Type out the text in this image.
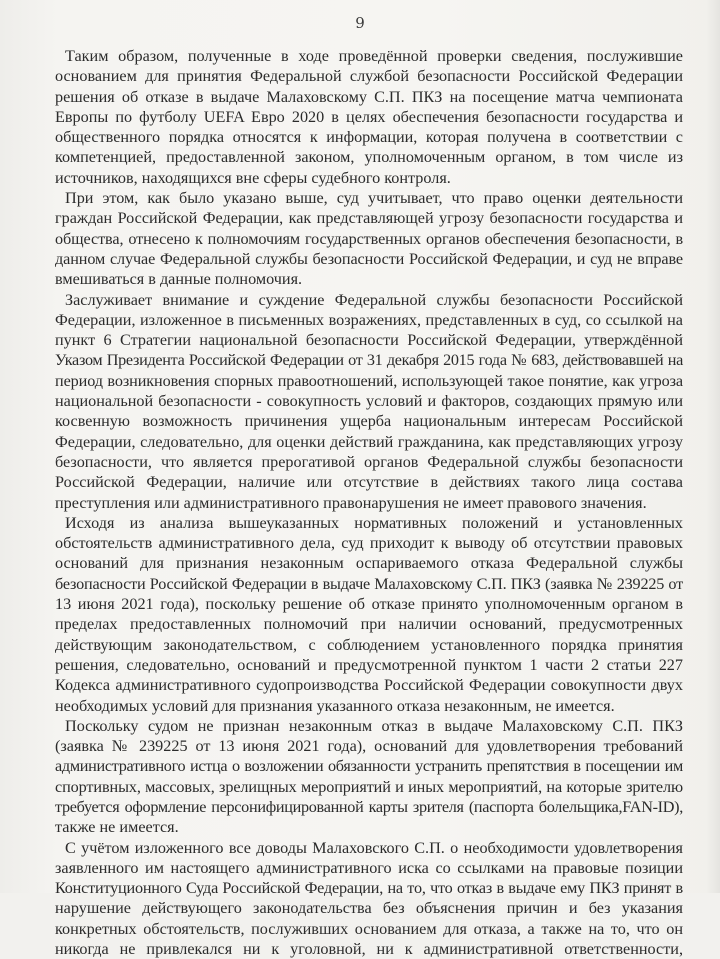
9
Таким образом, полученные в ходе проведённой проверки сведения, послужившие
основанием для принятия Федеральной службой безопасности Российской Федерации
решения об отказе в выдаче Малаховскому С.П. ПКЗ на посещение матча чемпионата
Европы по футболу UEFA Евро 2020 в целях обеспечения безопасности государства и
общественного порядка относятся к информации, которая получена в соответствии с
компетенцией, предоставленной законом, уполномоченным органом, в том числе из
источников, находящихся вне сферы судебного контроля.
При этом, как было указано выше, суд учитывает, что право оценки деятельности
граждан Российской Федерации, как представляющей угрозу безопасности государства и
общества, отнесено к полномочиям государственных органов обеспечения безопасности, в
данном случае Федеральной службы безопасности Российской Федерации, и суд не вправе
вмешиваться в данные полномочия.
Заслуживает внимание и суждение Федеральной службы безопасности Российской
Федерации, изложенное в письменных возражениях, представленных в суд, со ссылкой на
пункт 6 Стратегии национальной безопасности Российской Федерации, утверждённой
Указом Президента Российской Федерации от 31 декабря 2015 года № 683, действовавшей на
период возникновения спорных правоотношений, использующей такое понятие, как угроза
национальной безопасности - совокупность условий и факторов, создающих прямую или
косвенную возможность причинения ущерба национальным интересам Российской
Федерации, следовательно, для оценки действий гражданина, как представляющих угрозу
безопасности, что является прерогативой органов Федеральной службы безопасности
Российской Федерации, наличие или отсутствие в действиях такого лица состава
преступления или административного правонарушения не имеет правового значения.
Исходя из анализа вышеуказанных нормативных положений и установленных
обстоятельств административного дела, суд приходит к выводу об отсутствии правовых
оснований для признания незаконным оспариваемого отказа Федеральной службы
безопасности Российской Федерации в выдаче Малаховскому С.П. ПКЗ (заявка № 239225 от
13 июня 2021 года), поскольку решение об отказе принято уполномоченным органом в
пределах предоставленных полномочий при наличии оснований, предусмотренных
действующим законодательством, с соблюдением установленного порядка принятия
решения, следовательно, оснований и предусмотренной пунктом 1 части 2 статьи 227
Кодекса административного судопроизводства Российской Федерации совокупности двух
необходимых условий для признания указанного отказа незаконным, не имеется.
Поскольку судом не признан незаконным отказ в выдаче Малаховскому С.П. ПКЗ
(заявка № 239225 от 13 июня 2021 года), оснований для удовлетворения требований
административного истца о возложении обязанности устранить препятствия в посещении им
спортивных, массовых, зрелищных мероприятий и иных мероприятий, на которые зрителю
требуется оформление персонифицированной карты зрителя (паспорта болельщика,FAN-ID),
также не имеется.
С учётом изложенного все доводы Малаховского С.П. о необходимости удовлетворения
заявленного им настоящего административного иска со ссылками на правовые позиции
Конституционного Суда Российской Федерации, на то, что отказ в выдаче ему ПКЗ принят в
нарушение действующего законодательства без объяснения причин и без указания
конкретных обстоятельств, послуживших основанием для отказа, а также на то, что он
никогда не привлекался ни к уголовной, ни к административной ответственности,
